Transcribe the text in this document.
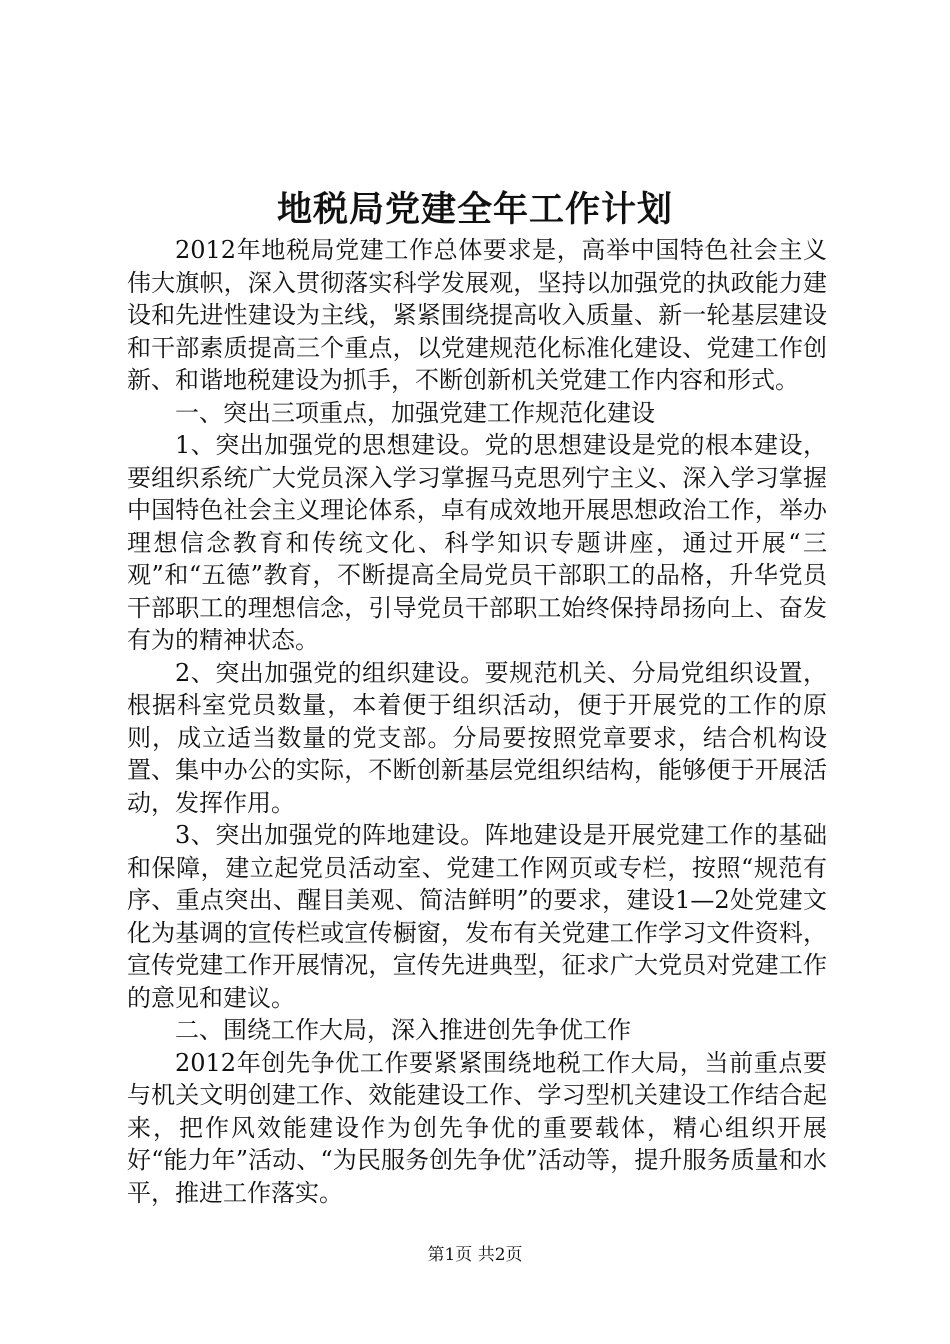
地税局党建全年工作计划

2012年地税局党建工作总体要求是，高举中国特色社会主义伟大旗帜，深入贯彻落实科学发展观，坚持以加强党的执政能力建设和先进性建设为主线，紧紧围绕提高收入质量、新一轮基层建设和干部素质提高三个重点，以党建规范化标准化建设、党建工作创新、和谐地税建设为抓手，不断创新机关党建工作内容和形式。

一、突出三项重点，加强党建工作规范化建设

1、突出加强党的思想建设。党的思想建设是党的根本建设，要组织系统广大党员深入学习掌握马克思列宁主义、深入学习掌握中国特色社会主义理论体系，卓有成效地开展思想政治工作，举办理想信念教育和传统文化、科学知识专题讲座，通过开展“三观”和“五德”教育，不断提高全局党员干部职工的品格，升华党员干部职工的理想信念，引导党员干部职工始终保持昂扬向上、奋发有为的精神状态。

2、突出加强党的组织建设。要规范机关、分局党组织设置，根据科室党员数量，本着便于组织活动，便于开展党的工作的原则，成立适当数量的党支部。分局要按照党章要求，结合机构设置、集中办公的实际，不断创新基层党组织结构，能够便于开展活动，发挥作用。

3、突出加强党的阵地建设。阵地建设是开展党建工作的基础和保障，建立起党员活动室、党建工作网页或专栏，按照“规范有序、重点突出、醒目美观、简洁鲜明”的要求，建设1—2处党建文化为基调的宣传栏或宣传橱窗，发布有关党建工作学习文件资料，宣传党建工作开展情况，宣传先进典型，征求广大党员对党建工作的意见和建议。

二、围绕工作大局，深入推进创先争优工作

2012年创先争优工作要紧紧围绕地税工作大局，当前重点要与机关文明创建工作、效能建设工作、学习型机关建设工作结合起来，把作风效能建设作为创先争优的重要载体，精心组织开展好“能力年”活动、“为民服务创先争优”活动等，提升服务质量和水平，推进工作落实。

第1页 共2页
